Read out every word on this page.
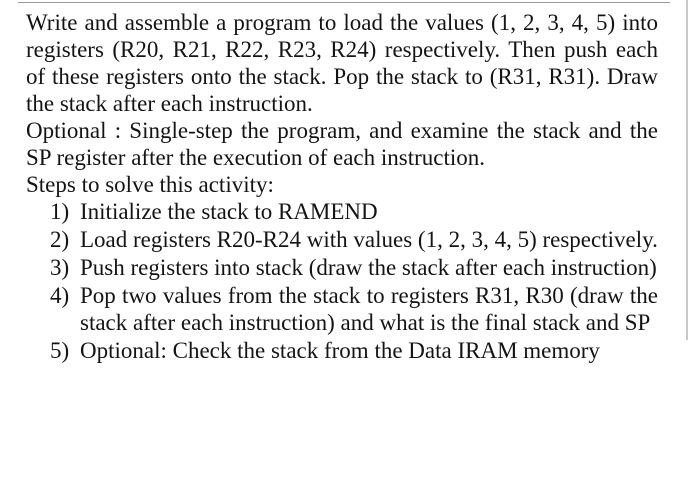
Write and assemble a program to load the values (1, 2, 3, 4, 5) into registers (R20, R21, R22, R23, R24) respectively. Then push each of these registers onto the stack. Pop the stack to (R31, R31). Draw the stack after each instruction.

Optional : Single-step the program, and examine the stack and the SP register after the execution of each instruction.

Steps to solve this activity:

1) Initialize the stack to RAMEND
2) Load registers R20-R24 with values (1, 2, 3, 4, 5) respectively.
3) Push registers into stack (draw the stack after each instruction)
4) Pop two values from the stack to registers R31, R30 (draw the stack after each instruction) and what is the final stack and SP
5) Optional: Check the stack from the Data IRAM memory
